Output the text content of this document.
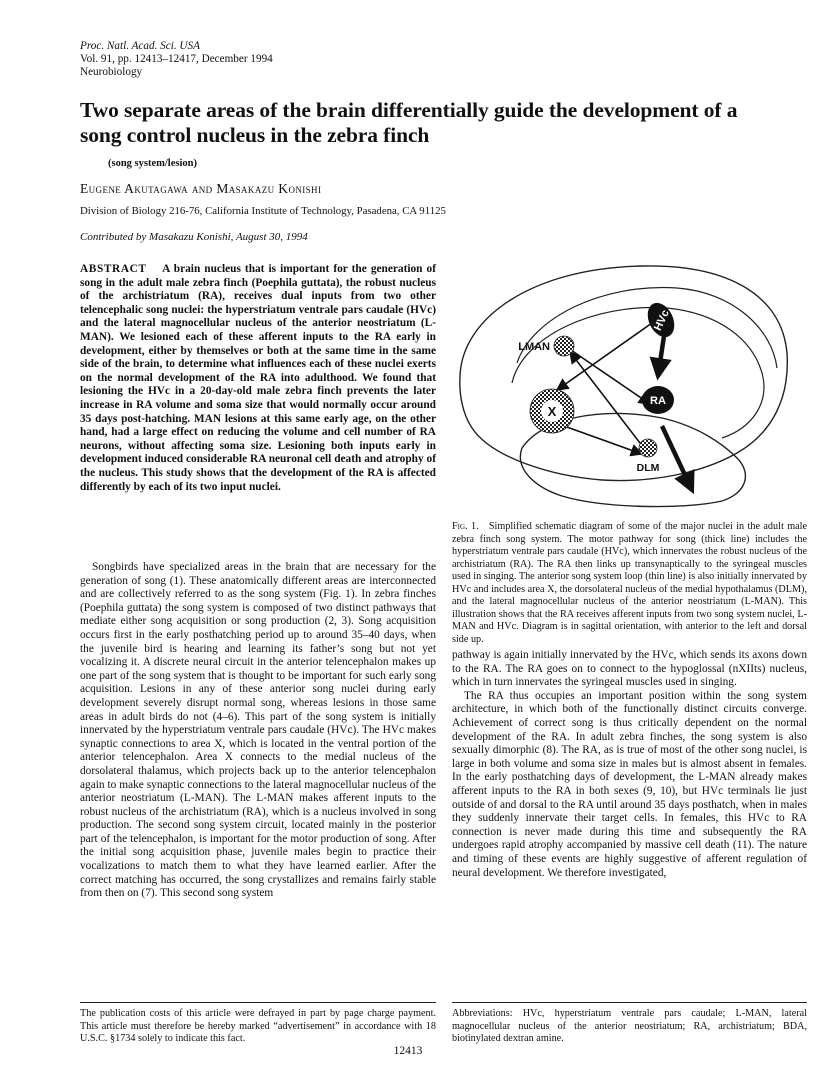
Proc. Natl. Acad. Sci. USA
Vol. 91, pp. 12413–12417, December 1994
Neurobiology
Two separate areas of the brain differentially guide the development of a song control nucleus in the zebra finch
(song system/lesion)
Eugene Akutagawa and Masakazu Konishi
Division of Biology 216-76, California Institute of Technology, Pasadena, CA 91125
Contributed by Masakazu Konishi, August 30, 1994
ABSTRACT A brain nucleus that is important for the generation of song in the adult male zebra finch (Poephila guttata), the robust nucleus of the archistriatum (RA), receives dual inputs from two other telencephalic song nuclei: the hyperstriatum ventrale pars caudale (HVc) and the lateral magnocellular nucleus of the anterior neostriatum (L-MAN). We lesioned each of these afferent inputs to the RA early in development, either by themselves or both at the same time in the same side of the brain, to determine what influences each of these nuclei exerts on the normal development of the RA into adulthood. We found that lesioning the HVc in a 20-day-old male zebra finch prevents the later increase in RA volume and soma size that would normally occur around 35 days post-hatching. MAN lesions at this same early age, on the other hand, had a large effect on reducing the volume and cell number of RA neurons, without affecting soma size. Lesioning both inputs early in development induced considerable RA neuronal cell death and atrophy of the nucleus. This study shows that the development of the RA is affected differently by each of its two input nuclei.
HVc
RA
LMAN
X
DLM
Fig. 1. Simplified schematic diagram of some of the major nuclei in the adult male zebra finch song system. The motor pathway for song (thick line) includes the hyperstriatum ventrale pars caudale (HVc), which innervates the robust nucleus of the archistriatum (RA). The RA then links up transynaptically to the syringeal muscles used in singing. The anterior song system loop (thin line) is also initially innervated by HVc and includes area X, the dorsolateral nucleus of the medial hypothalamus (DLM), and the lateral magnocellular nucleus of the anterior neostriatum (L-MAN). This illustration shows that the RA receives afferent inputs from two song system nuclei, L-MAN and HVc. Diagram is in sagittal orientation, with anterior to the left and dorsal side up.

Songbirds have specialized areas in the brain that are necessary for the generation of song (1). These anatomically different areas are interconnected and are collectively referred to as the song system (Fig. 1). In zebra finches (Poephila guttata) the song system is composed of two distinct pathways that mediate either song acquisition or song production (2, 3). Song acquisition occurs first in the early posthatching period up to around 35–40 days, when the juvenile bird is hearing and learning its father’s song but not yet vocalizing it. A discrete neural circuit in the anterior telencephalon makes up one part of the song system that is thought to be important for such early song acquisition. Lesions in any of these anterior song nuclei during early development severely disrupt normal song, whereas lesions in those same areas in adult birds do not (4–6). This part of the song system is initially innervated by the hyperstriatum ventrale pars caudale (HVc). The HVc makes synaptic connections to area X, which is located in the ventral portion of the anterior telencephalon. Area X connects to the medial nucleus of the dorsolateral thalamus, which projects back up to the anterior telencephalon again to make synaptic connections to the lateral magnocellular nucleus of the anterior neostriatum (L-MAN). The L-MAN makes afferent inputs to the robust nucleus of the archistriatum (RA), which is a nucleus involved in song production. The second song system circuit, located mainly in the posterior part of the telencephalon, is important for the motor production of song. After the initial song acquisition phase, juvenile males begin to practice their vocalizations to match them to what they have learned earlier. After the correct matching has occurred, the song crystallizes and remains fairly stable from then on (7). This second song system

pathway is again initially innervated by the HVc, which sends its axons down to the RA. The RA goes on to connect to the hypoglossal (nXIIts) nucleus, which in turn innervates the syringeal muscles used in singing.

The RA thus occupies an important position within the song system architecture, in which both of the functionally distinct circuits converge. Achievement of correct song is thus critically dependent on the normal development of the RA. In adult zebra finches, the song system is also sexually dimorphic (8). The RA, as is true of most of the other song nuclei, is large in both volume and soma size in males but is almost absent in females. In the early posthatching days of development, the L-MAN already makes afferent inputs to the RA in both sexes (9, 10), but HVc terminals lie just outside of and dorsal to the RA until around 35 days posthatch, when in males they suddenly innervate their target cells. In females, this HVc to RA connection is never made during this time and subsequently the RA undergoes rapid atrophy accompanied by massive cell death (11). The nature and timing of these events are highly suggestive of afferent regulation of neural development. We therefore investigated,

The publication costs of this article were defrayed in part by page charge payment. This article must therefore be hereby marked “advertisement” in accordance with 18 U.S.C. §1734 solely to indicate this fact.
Abbreviations: HVc, hyperstriatum ventrale pars caudale; L-MAN, lateral magnocellular nucleus of the anterior neostriatum; RA, archistriatum; BDA, biotinylated dextran amine.
12413
